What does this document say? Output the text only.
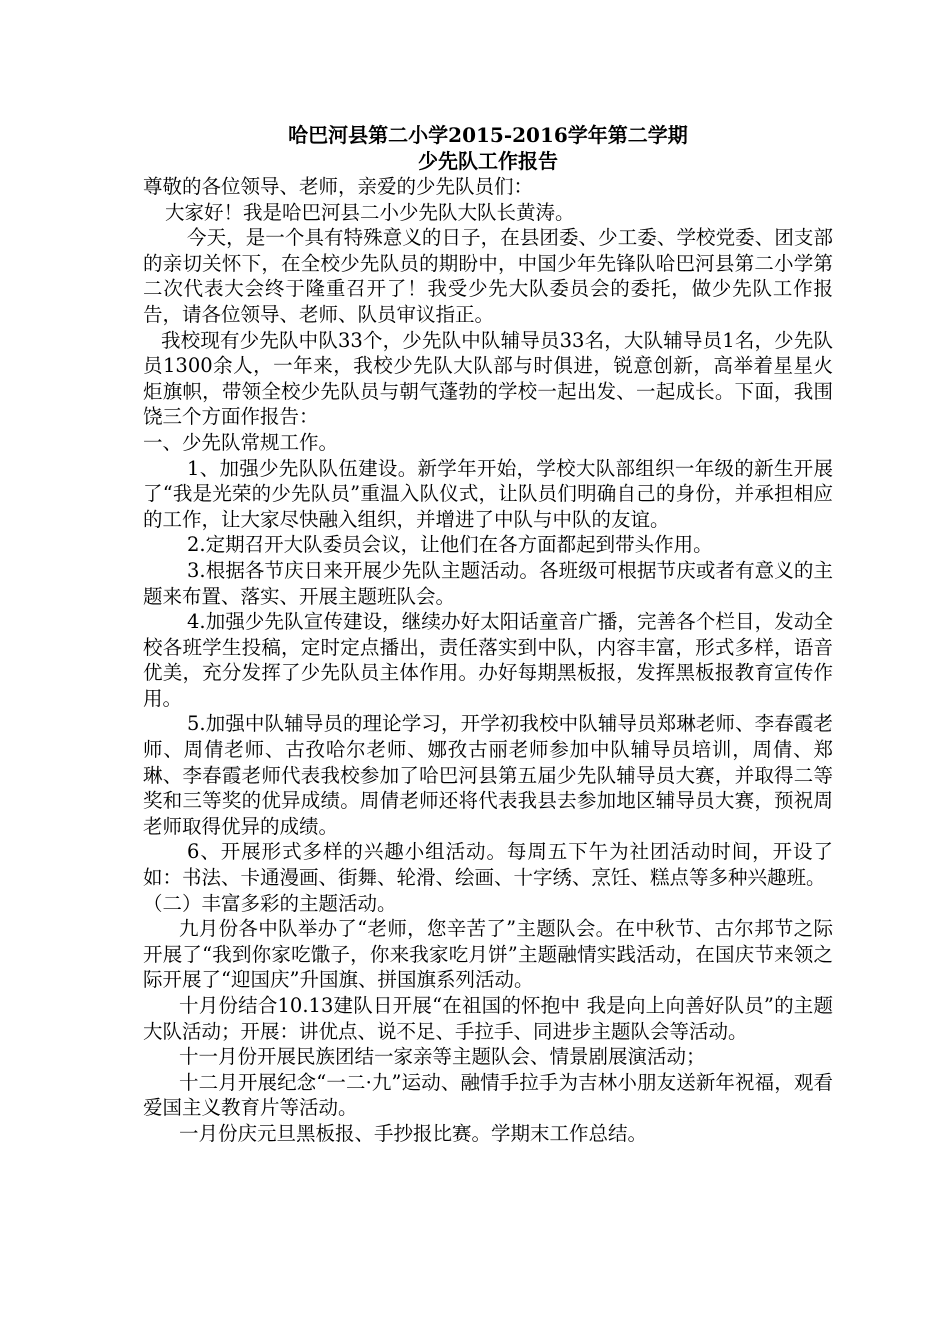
哈巴河县第二小学2015-2016学年第二学期

少先队工作报告

尊敬的各位领导、老师，亲爱的少先队员们：

大家好！我是哈巴河县二小少先队大队长黄涛。

今天，是一个具有特殊意义的日子，在县团委、少工委、学校党委、团支部的亲切关怀下，在全校少先队员的期盼中，中国少年先锋队哈巴河县第二小学第二次代表大会终于隆重召开了！我受少先大队委员会的委托，做少先队工作报告，请各位领导、老师、队员审议指正。

我校现有少先队中队33个，少先队中队辅导员33名，大队辅导员1名，少先队员1300余人，一年来，我校少先队大队部与时俱进，锐意创新，高举着星星火炬旗帜，带领全校少先队员与朝气蓬勃的学校一起出发、一起成长。下面，我围饶三个方面作报告：

一、少先队常规工作。

1、加强少先队队伍建设。新学年开始，学校大队部组织一年级的新生开展了“我是光荣的少先队员”重温入队仪式，让队员们明确自己的身份，并承担相应的工作，让大家尽快融入组织，并增进了中队与中队的友谊。

2.定期召开大队委员会议，让他们在各方面都起到带头作用。

3.根据各节庆日来开展少先队主题活动。各班级可根据节庆或者有意义的主题来布置、落实、开展主题班队会。

4.加强少先队宣传建设，继续办好太阳话童音广播，完善各个栏目，发动全校各班学生投稿，定时定点播出，责任落实到中队，内容丰富，形式多样，语音优美，充分发挥了少先队员主体作用。办好每期黑板报，发挥黑板报教育宣传作用。

5.加强中队辅导员的理论学习，开学初我校中队辅导员郑琳老师、李春霞老师、周倩老师、古孜哈尔老师、娜孜古丽老师参加中队辅导员培训，周倩、郑琳、李春霞老师代表我校参加了哈巴河县第五届少先队辅导员大赛，并取得二等奖和三等奖的优异成绩。周倩老师还将代表我县去参加地区辅导员大赛，预祝周老师取得优异的成绩。

6、开展形式多样的兴趣小组活动。每周五下午为社团活动时间，开设了如：书法、卡通漫画、街舞、轮滑、绘画、十字绣、烹饪、糕点等多种兴趣班。

（二）丰富多彩的主题活动。

九月份各中队举办了“老师，您辛苦了”主题队会。在中秋节、古尔邦节之际开展了“我到你家吃馓子，你来我家吃月饼”主题融情实践活动，在国庆节来领之际开展了“迎国庆”升国旗、拼国旗系列活动。

十月份结合10.13建队日开展“在祖国的怀抱中 我是向上向善好队员”的主题大队活动；开展：讲优点、说不足、手拉手、同进步主题队会等活动。

十一月份开展民族团结一家亲等主题队会、情景剧展演活动；

十二月开展纪念“一二·九”运动、融情手拉手为吉林小朋友送新年祝福，观看爱国主义教育片等活动。

一月份庆元旦黑板报、手抄报比赛。学期末工作总结。
